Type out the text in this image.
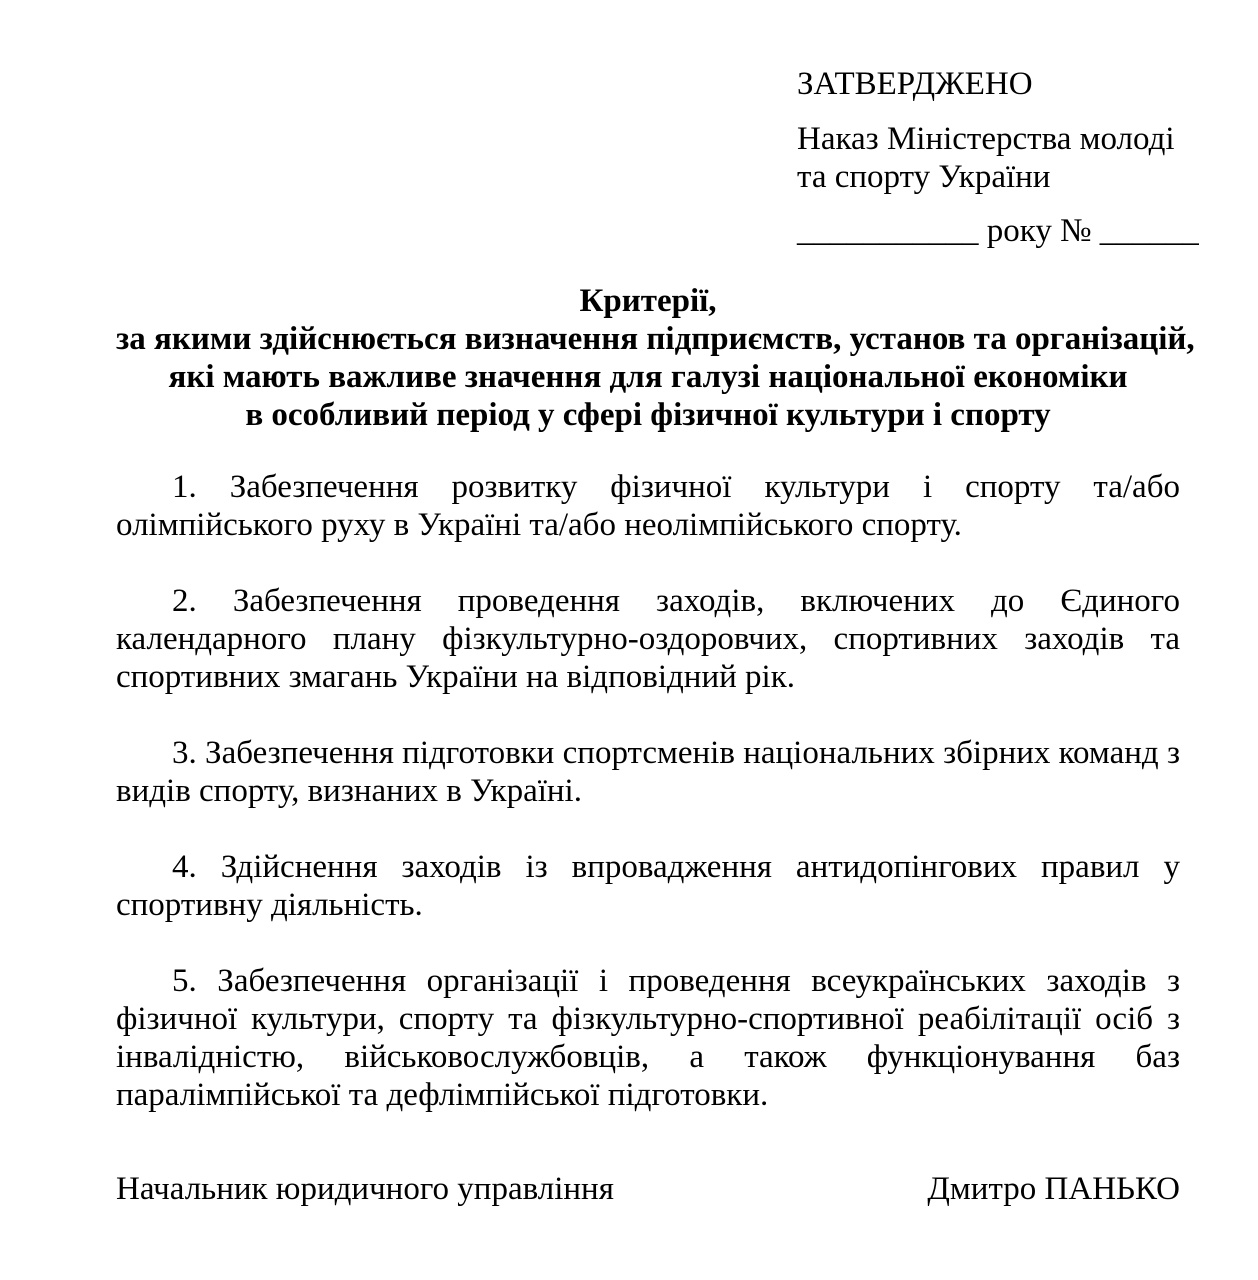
ЗАТВЕРДЖЕНО
Наказ Міністерства молоді
та спорту України
___________ року № ______
Критерії,
за якими здійснюється визначення підприємств, установ та організацій,
які мають важливе значення для галузі національної економіки
в особливий період у сфері фізичної культури і спорту

1. Забезпечення розвитку фізичної культури і спорту та/або олімпійського руху в Україні та/або неолімпійського спорту.

2. Забезпечення проведення заходів, включених до Єдиного календарного плану фізкультурно-оздоровчих, спортивних заходів та спортивних змагань України на відповідний рік.

3. Забезпечення підготовки спортсменів національних збірних команд з видів спорту, визнаних в Україні.

4. Здійснення заходів із впровадження антидопінгових правил у спортивну діяльність.

5. Забезпечення організації і проведення всеукраїнських заходів з фізичної культури, спорту та фізкультурно-спортивної реабілітації осіб з інвалідністю, військовослужбовців, а також функціонування баз паралімпійської та дефлімпійської підготовки.

Начальник юридичного управління	Дмитро ПАНЬКО
